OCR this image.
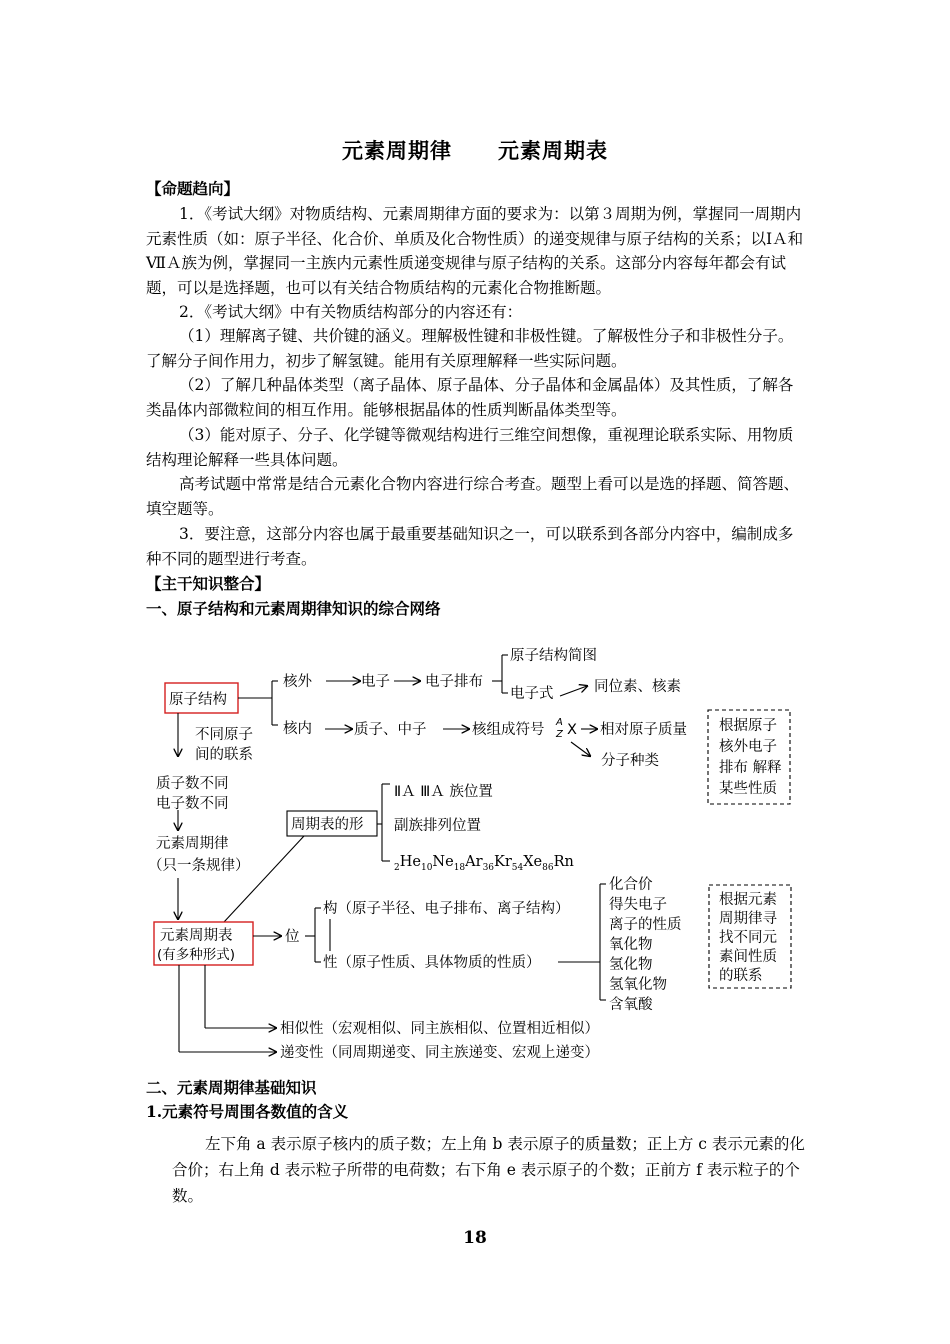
元素周期律 元素周期表
【命题趋向】
1．《考试大纲》对物质结构、元素周期律方面的要求为：以第３周期为例，掌握同一周期内元素性质（如：原子半径、化合价、单质及化合物性质）的递变规律与原子结构的关系；以ⅠＡ和ⅦＡ族为例，掌握同一主族内元素性质递变规律与原子结构的关系。这部分内容每年都会有试题，可以是选择题，也可以有关结合物质结构的元素化合物推断题。
2．《考试大纲》中有关物质结构部分的内容还有：
（1）理解离子键、共价键的涵义。理解极性键和非极性键。了解极性分子和非极性分子。了解分子间作用力，初步了解氢键。能用有关原理解释一些实际问题。
（2）了解几种晶体类型（离子晶体、原子晶体、分子晶体和金属晶体）及其性质，了解各类晶体内部微粒间的相互作用。能够根据晶体的性质判断晶体类型等。
（3）能对原子、分子、化学键等微观结构进行三维空间想像，重视理论联系实际、用物质结构理论解释一些具体问题。
高考试题中常常是结合元素化合物内容进行综合考查。题型上看可以是选的择题、简答题、填空题等。
3．要注意，这部分内容也属于最重要基础知识之一，可以联系到各部分内容中，编制成多种不同的题型进行考查。
【主干知识整合】
一、原子结构和元素周期律知识的综合网络
原子结构
核外	电子 电子排布
原子结构简图
电子式	同位素、核素
核内	质子、中子	核组成符号 A
Z X 相对原子质量
分子种类
根据原子
核外电子
排布 解释
某些性质
不同原子
间的联系
质子数不同
电子数不同
元素周期律
（只一条规律）
周期表的形
ⅡＡ ⅢＡ 族位置
副族排列位置
$_2He_{10}Ne_{18}Ar_{36}Kr_{54}Xe_{86}Rn$
元素周期表
(有多种形式)
位
构（原子半径、电子排布、离子结构）
性（原子性质、具体物质的性质）
化合价
得失电子
离子的性质
氧化物
氢化物
氢氧化物
含氧酸
根据元素
周期律寻
找不同元
素间性质
的联系
相似性（宏观相似、同主族相似、位置相近相似）
递变性（同周期递变、同主族递变、宏观上递变）
二、元素周期律基础知识
1.元素符号周围各数值的含义
左下角 a 表示原子核内的质子数；左上角 b 表示原子的质量数；正上方 c 表示元素的化合价；右上角 d 表示粒子所带的电荷数；右下角 e 表示原子的个数；正前方 f 表示粒子的个数。
18
